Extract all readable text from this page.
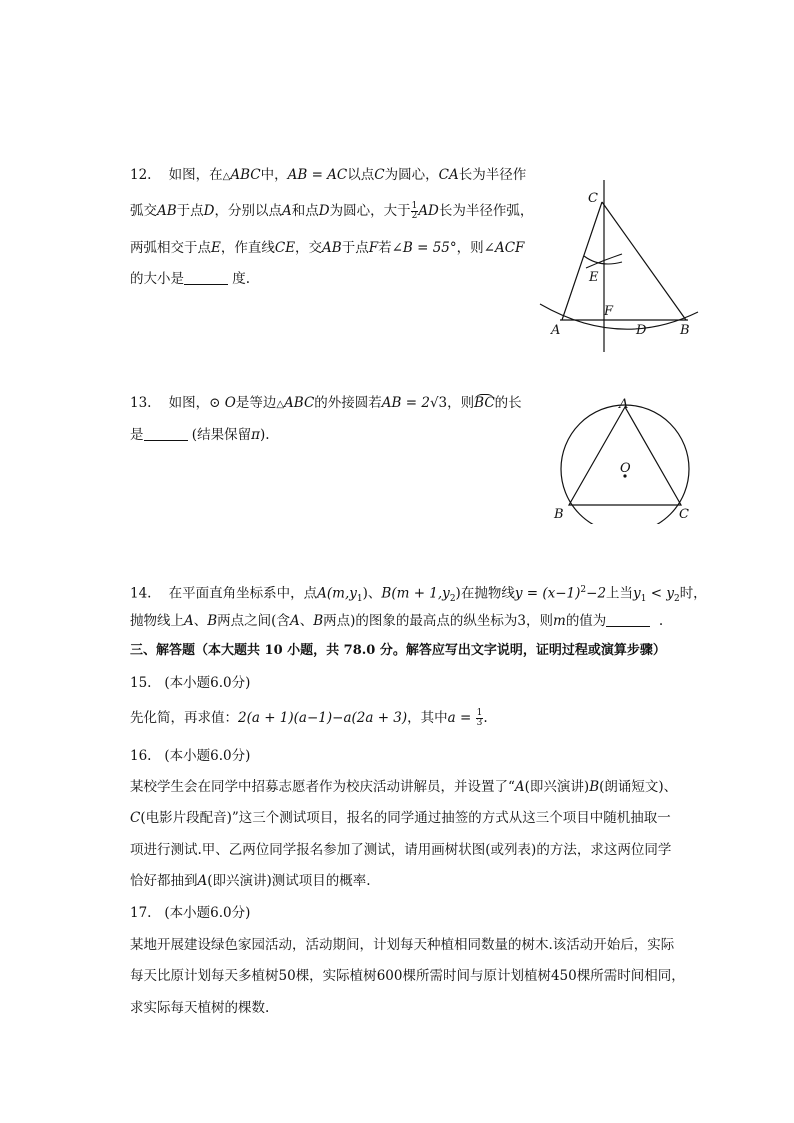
12. 如图，在△ABC中，AB = AC以点C为圆心，CA长为半径作
弧交AB于点D，分别以点A和点D为圆心，大于 $\frac{1}{2}$ AD长为半径作弧，
两弧相交于点E，作直线CE，交AB于点F若∠B = 55°，则∠ACF
的大小是	度.
C
E
F
A	D	B
13. 如图，⊙ O是等边△ABC的外接圆若AB = 2√3，则BC的长
是	(结果保留π).
A
O
B	C
14. 在平面直角坐标系中，点$A(m,y_1)$、$B(m + 1,y_2)$在抛物线$y = (x-1)^2-2$上当$y_1 < y_2$时，
抛物线上A、B两点之间(含A、B两点)的图象的最高点的纵坐标为3，则m的值为	.
三、解答题（本大题共 10 小题，共 78.0 分。解答应写出文字说明，证明过程或演算步骤）
15. (本小题6.0分)
先化简，再求值：2(a + 1)(a−1)−a(2a + 3)，其中$a = \frac{1}{3}$ .
16. (本小题6.0分)
某校学生会在同学中招募志愿者作为校庆活动讲解员，并设置了“A(即兴演讲)B(朗诵短文)、
C(电影片段配音)”这三个测试项目，报名的同学通过抽签的方式从这三个项目中随机抽取一
项进行测试.甲、乙两位同学报名参加了测试，请用画树状图(或列表)的方法，求这两位同学
恰好都抽到A(即兴演讲)测试项目的概率.
17. (本小题6.0分)
某地开展建设绿色家园活动，活动期间，计划每天种植相同数量的树木.该活动开始后，实际
每天比原计划每天多植树50棵，实际植树600棵所需时间与原计划植树450棵所需时间相同，
求实际每天植树的棵数.
